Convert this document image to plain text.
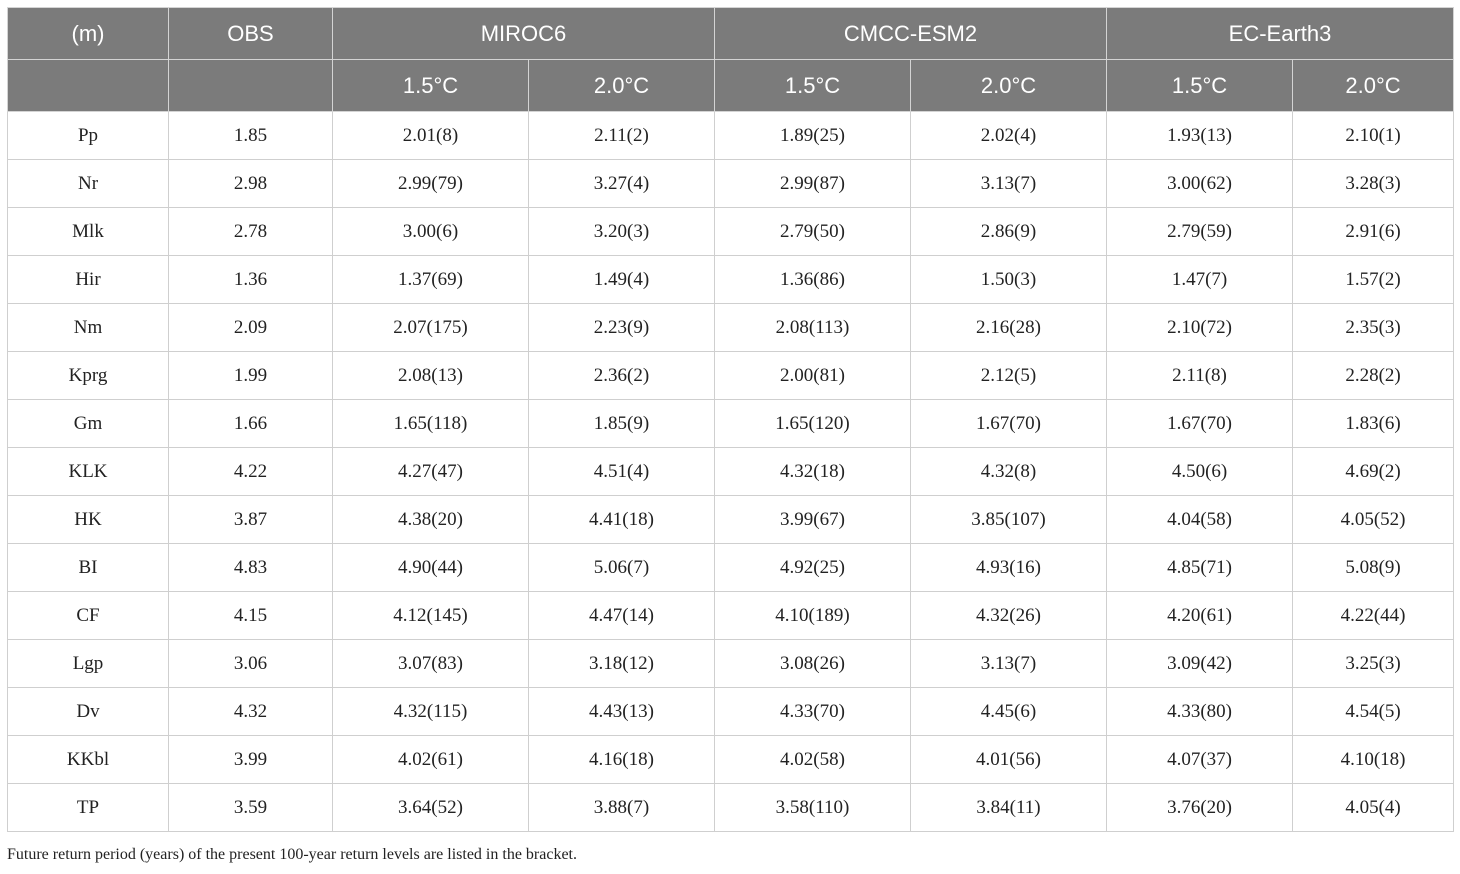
(m)	OBS	MIROC6		CMCC-ESM2		EC-Earth3	
		1.5°C	2.0°C	1.5°C	2.0°C	1.5°C	2.0°C
Pp	1.85	2.01(8)	2.11(2)	1.89(25)	2.02(4)	1.93(13)	2.10(1)
Nr	2.98	2.99(79)	3.27(4)	2.99(87)	3.13(7)	3.00(62)	3.28(3)
Mlk	2.78	3.00(6)	3.20(3)	2.79(50)	2.86(9)	2.79(59)	2.91(6)
Hir	1.36	1.37(69)	1.49(4)	1.36(86)	1.50(3)	1.47(7)	1.57(2)
Nm	2.09	2.07(175)	2.23(9)	2.08(113)	2.16(28)	2.10(72)	2.35(3)
Kprg	1.99	2.08(13)	2.36(2)	2.00(81)	2.12(5)	2.11(8)	2.28(2)
Gm	1.66	1.65(118)	1.85(9)	1.65(120)	1.67(70)	1.67(70)	1.83(6)
KLK	4.22	4.27(47)	4.51(4)	4.32(18)	4.32(8)	4.50(6)	4.69(2)
HK	3.87	4.38(20)	4.41(18)	3.99(67)	3.85(107)	4.04(58)	4.05(52)
BI	4.83	4.90(44)	5.06(7)	4.92(25)	4.93(16)	4.85(71)	5.08(9)
CF	4.15	4.12(145)	4.47(14)	4.10(189)	4.32(26)	4.20(61)	4.22(44)
Lgp	3.06	3.07(83)	3.18(12)	3.08(26)	3.13(7)	3.09(42)	3.25(3)
Dv	4.32	4.32(115)	4.43(13)	4.33(70)	4.45(6)	4.33(80)	4.54(5)
KKbl	3.99	4.02(61)	4.16(18)	4.02(58)	4.01(56)	4.07(37)	4.10(18)
TP	3.59	3.64(52)	3.88(7)	3.58(110)	3.84(11)	3.76(20)	4.05(4)
Future return period (years) of the present 100-year return levels are listed in the bracket.
